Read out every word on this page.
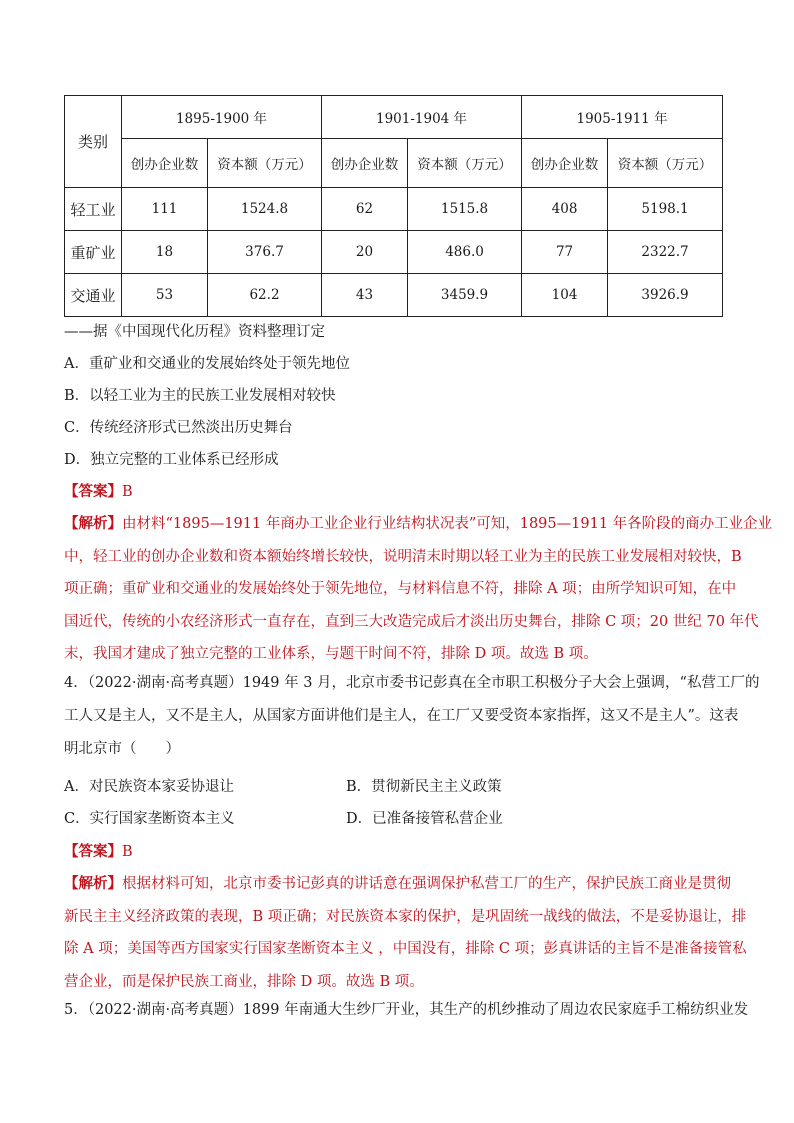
类别	1895-1900 年		1901-1904 年		1905-1911 年	
	创办企业数	资本额（万元）	创办企业数	资本额（万元）	创办企业数	资本额（万元）
轻工业	111	1524.8	62	1515.8	408	5198.1
重矿业	18	376.7	20	486.0	77	2322.7
交通业	53	62.2	43	3459.9	104	3926.9
——据《中国现代化历程》资料整理订定
A．重矿业和交通业的发展始终处于领先地位
B．以轻工业为主的民族工业发展相对较快
C．传统经济形式已然淡出历史舞台
D．独立完整的工业体系已经形成
【答案】B
【解析】由材料“1895—1911 年商办工业企业行业结构状况表”可知，1895—1911 年各阶段的商办工业企业
中，轻工业的创办企业数和资本额始终增长较快，说明清末时期以轻工业为主的民族工业发展相对较快，B
项正确；重矿业和交通业的发展始终处于领先地位，与材料信息不符，排除 A 项；由所学知识可知，在中
国近代，传统的小农经济形式一直存在，直到三大改造完成后才淡出历史舞台，排除 C 项；20 世纪 70 年代
末，我国才建成了独立完整的工业体系，与题干时间不符，排除 D 项。故选 B 项。
4．（2022·湖南·高考真题）1949 年 3 月，北京市委书记彭真在全市职工积极分子大会上强调，“私营工厂的
工人又是主人，又不是主人，从国家方面讲他们是主人，在工厂又要受资本家指挥，这又不是主人”。这表
明北京市（　　）
A．对民族资本家妥协退让	B．贯彻新民主主义政策
C．实行国家垄断资本主义	D．已准备接管私营企业
【答案】B
【解析】根据材料可知，北京市委书记彭真的讲话意在强调保护私营工厂的生产，保护民族工商业是贯彻
新民主主义经济政策的表现，B 项正确；对民族资本家的保护，是巩固统一战线的做法，不是妥协退让，排
除 A 项；美国等西方国家实行国家垄断资本主义 ，中国没有，排除 C 项；彭真讲话的主旨不是准备接管私
营企业，而是保护民族工商业，排除 D 项。故选 B 项。
5．（2022·湖南·高考真题）1899 年南通大生纱厂开业，其生产的机纱推动了周边农民家庭手工棉纺织业发
